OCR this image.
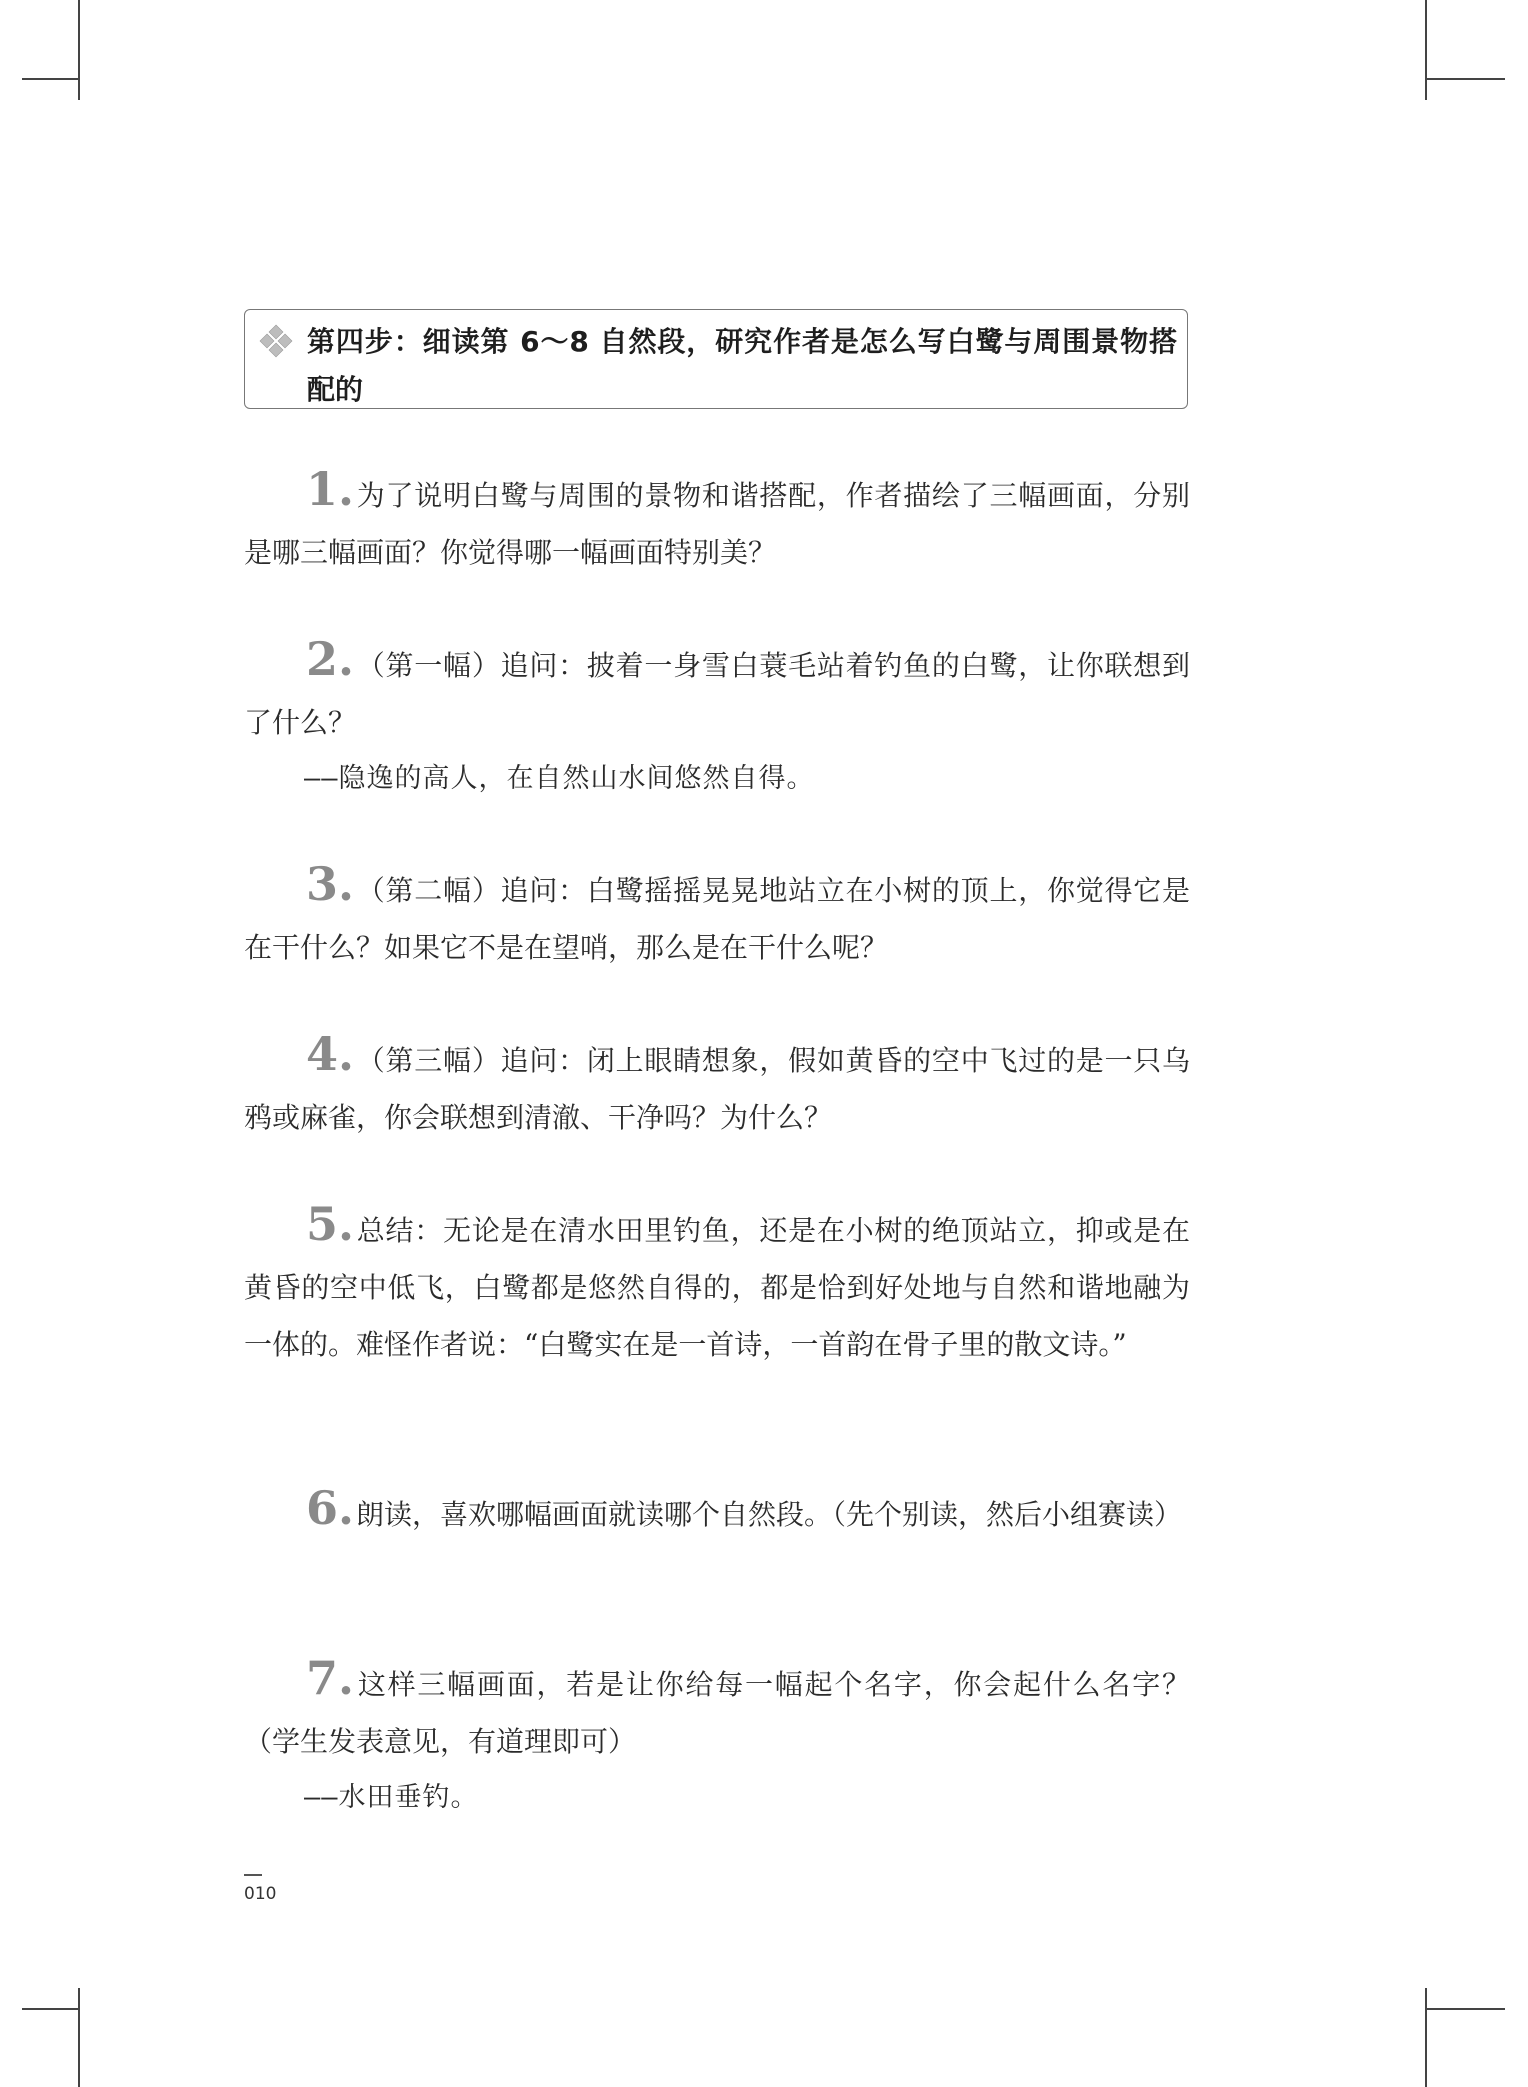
第四步：细读第 6～8 自然段，研究作者是怎么写白鹭与周围景物搭配的
1.为了说明白鹭与周围的景物和谐搭配，作者描绘了三幅画面，分别是哪三幅画面？你觉得哪一幅画面特别美？
2.（第一幅）追问：披着一身雪白蓑毛站着钓鱼的白鹭，让你联想到了什么？
——隐逸的高人，在自然山水间悠然自得。
3.（第二幅）追问：白鹭摇摇晃晃地站立在小树的顶上，你觉得它是在干什么？如果它不是在望哨，那么是在干什么呢？
4.（第三幅）追问：闭上眼睛想象，假如黄昏的空中飞过的是一只乌鸦或麻雀，你会联想到清澈、干净吗？为什么？
5.总结：无论是在清水田里钓鱼，还是在小树的绝顶站立，抑或是在黄昏的空中低飞，白鹭都是悠然自得的，都是恰到好处地与自然和谐地融为一体的。难怪作者说：“白鹭实在是一首诗，一首韵在骨子里的散文诗。”
6.朗读，喜欢哪幅画面就读哪个自然段。（先个别读，然后小组赛读）
7.这样三幅画面，若是让你给每一幅起个名字，你会起什么名字？（学生发表意见，有道理即可）
——水田垂钓。
010
